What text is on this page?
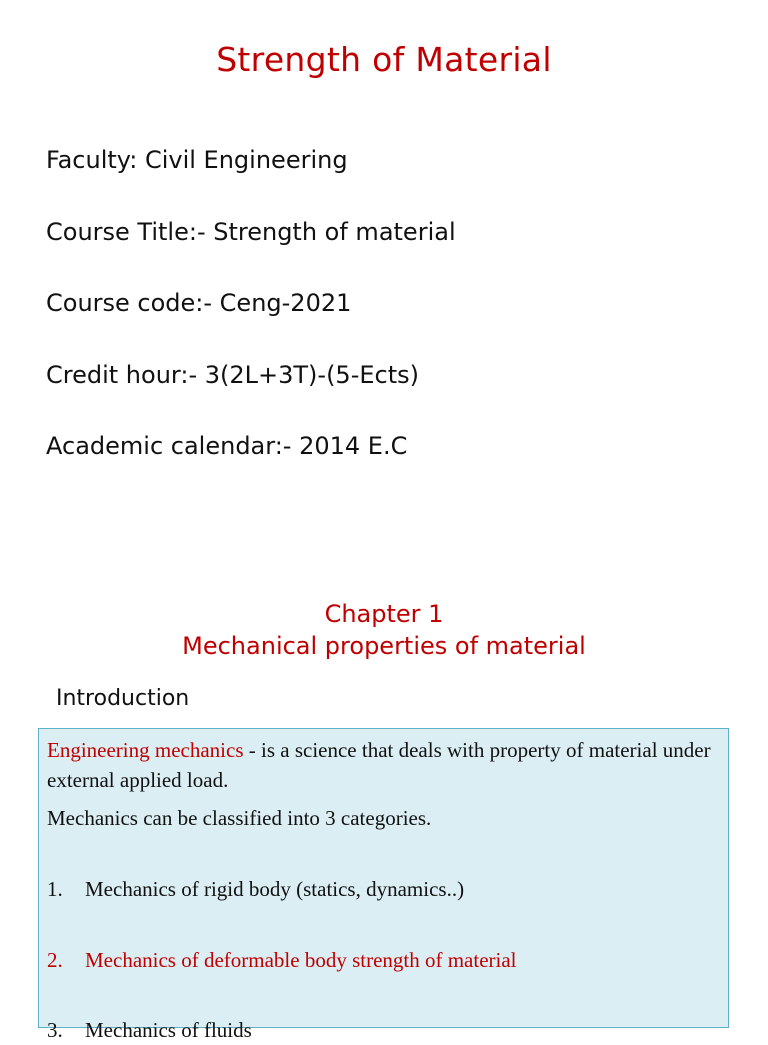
Strength of Material
Faculty: Civil Engineering
Course Title:- Strength of material
Course code:- Ceng-2021
Credit hour:- 3(2L+3T)-(5-Ects)
Academic calendar:- 2014 E.C
Chapter 1
Mechanical properties of material
Introduction

Engineering mechanics - is a science that deals with property of material under external applied load.

Mechanics can be classified into 3 categories.

1. Mechanics of rigid body (statics, dynamics..)

2. Mechanics of deformable body strength of material

3. Mechanics of fluids
